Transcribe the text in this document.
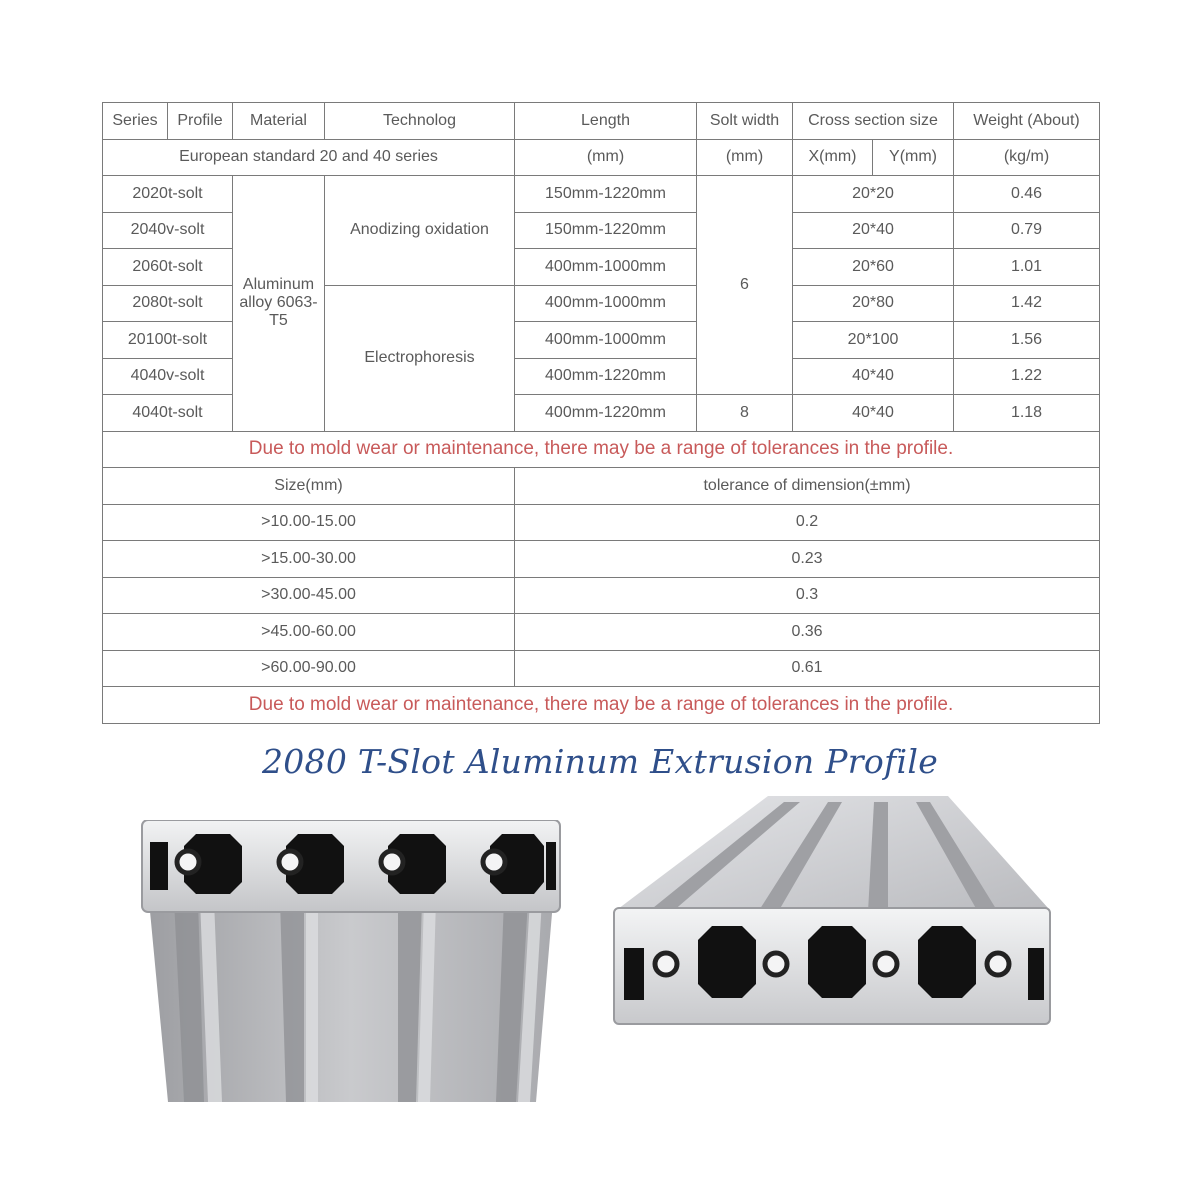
Series	Profile	Material	Technolog	Length	Solt width	Cross section size		Weight (About)
European standard 20 and 40 series				(mm)	(mm)	X(mm)	Y(mm)	(kg/m)
2020t-solt		Aluminum alloy 6063-T5	Anodizing oxidation	150mm-1220mm	6	20*20		0.46
2040v-solt				150mm-1220mm		20*40		0.79
2060t-solt				400mm-1000mm		20*60		1.01
2080t-solt			Electrophoresis	400mm-1000mm		20*80		1.42
20100t-solt				400mm-1000mm		20*100		1.56
4040v-solt				400mm-1220mm		40*40		1.22
4040t-solt				400mm-1220mm	8	40*40		1.18
Due to mold wear or maintenance, there may be a range of tolerances in the profile.								
Size(mm)				tolerance of dimension(±mm)				
>10.00-15.00				0.2				
>15.00-30.00				0.23				
>30.00-45.00				0.3				
>45.00-60.00				0.36				
>60.00-90.00				0.61				
Due to mold wear or maintenance, there may be a range of tolerances in the profile.								
2080 T-Slot Aluminum Extrusion Profile
